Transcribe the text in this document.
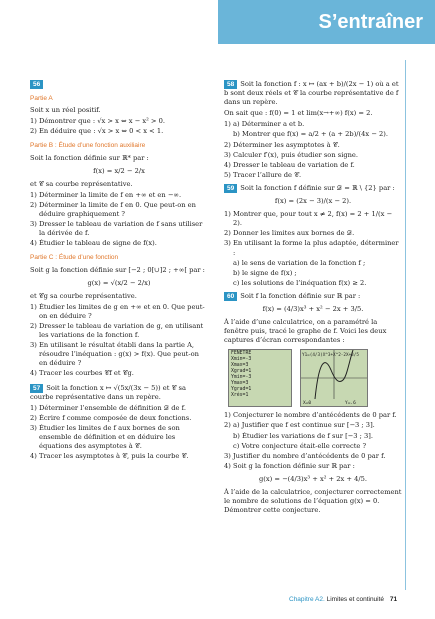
S’entraîner
56
Partie A

Soit x un réel positif.

1) Démontrer que : √x > x ⇔ x − x² > 0.

2) En déduire que : √x > x ⇔ 0 < x < 1.

Partie B : Étude d’une fonction auxiliaire

Soit la fonction définie sur ℝ* par :

f(x) = x/2 − 2/x

et 𝒞 sa courbe représentative.

1) Déterminer la limite de f en +∞ et en −∞.

2) Déterminer la limite de f en 0. Que peut-on en déduire graphiquement ?

3) Dresser le tableau de variation de f sans utiliser la dérivée de f.

4) Étudier le tableau de signe de f(x).

Partie C : Étude d’une fonction

Soit g la fonction définie sur [−2 ; 0[∪]2 ; +∞[ par :

g(x) = √(x/2 − 2/x)

et 𝒞g sa courbe représentative.

1) Étudier les limites de g en +∞ et en 0. Que peut-on en déduire ?

2) Dresser le tableau de variation de g, en utilisant les variations de la fonction f.

3) En utilisant le résultat établi dans la partie A, résoudre l’inéquation : g(x) > f(x). Que peut-on en déduire ?

4) Tracer les courbes 𝒞f et 𝒞g.

57 Soit la fonction x ↦ √(5x/(3x − 5)) et 𝒞 sa courbe représentative dans un repère.

1) Déterminer l’ensemble de définition 𝒟 de f.

2) Écrire f comme composée de deux fonctions.

3) Étudier les limites de f aux bornes de son ensemble de définition et en déduire les équations des asymptotes à 𝒞.

4) Tracer les asymptotes à 𝒞, puis la courbe 𝒞.

58 Soit la fonction f : x ↦ (ax + b)/(2x − 1) où a et b sont deux réels et 𝒞 la courbe représentative de f dans un repère.

On sait que : f(0) = 1 et lim(x→+∞) f(x) = 2.

1) a) Déterminer a et b.

b) Montrer que f(x) = a/2 + (a + 2b)/(4x − 2).

2) Déterminer les asymptotes à 𝒞.

3) Calculer f′(x), puis étudier son signe.

4) Dresser le tableau de variation de f.

5) Tracer l’allure de 𝒞.

59 Soit la fonction f définie sur 𝒟 = ℝ \ {2} par :

f(x) = (2x − 3)/(x − 2).

1) Montrer que, pour tout x ≠ 2, f(x) = 2 + 1/(x − 2).

2) Donner les limites aux bornes de 𝒟.

3) En utilisant la forme la plus adaptée, déterminer :

a) le sens de variation de la fonction f ;

b) le signe de f(x) ;

c) les solutions de l’inéquation f(x) ≥ 2.

60 Soit f la fonction définie sur ℝ par :

f(x) = (4/3)x³ + x² − 2x + 3/5.

À l’aide d’une calculatrice, on a paramétré la fenêtre puis, tracé le graphe de f. Voici les deux captures d’écran correspondantes :

FENETRE
Xmin=-3
Xmax=3
Xgrad=1
Ymin=-3
Ymax=3
Ygrad=1
Xrés=1
Y1=(4/3)X^3+X^2-2X+3/5
X=0	Y=.6

1) Conjecturer le nombre d’antécédents de 0 par f.

2) a) Justifier que f est continue sur [−3 ; 3].

b) Étudier les variations de f sur [−3 ; 3].

c) Votre conjecture était-elle correcte ?

3) Justifier du nombre d’antécédents de 0 par f.

4) Soit g la fonction définie sur ℝ par :

g(x) = −(4/3)x³ + x² + 2x + 4/5.

À l’aide de la calculatrice, conjecturer correctement le nombre de solutions de l’équation g(x) = 0. Démontrer cette conjecture.

Chapitre A2. Limites et continuité 71
